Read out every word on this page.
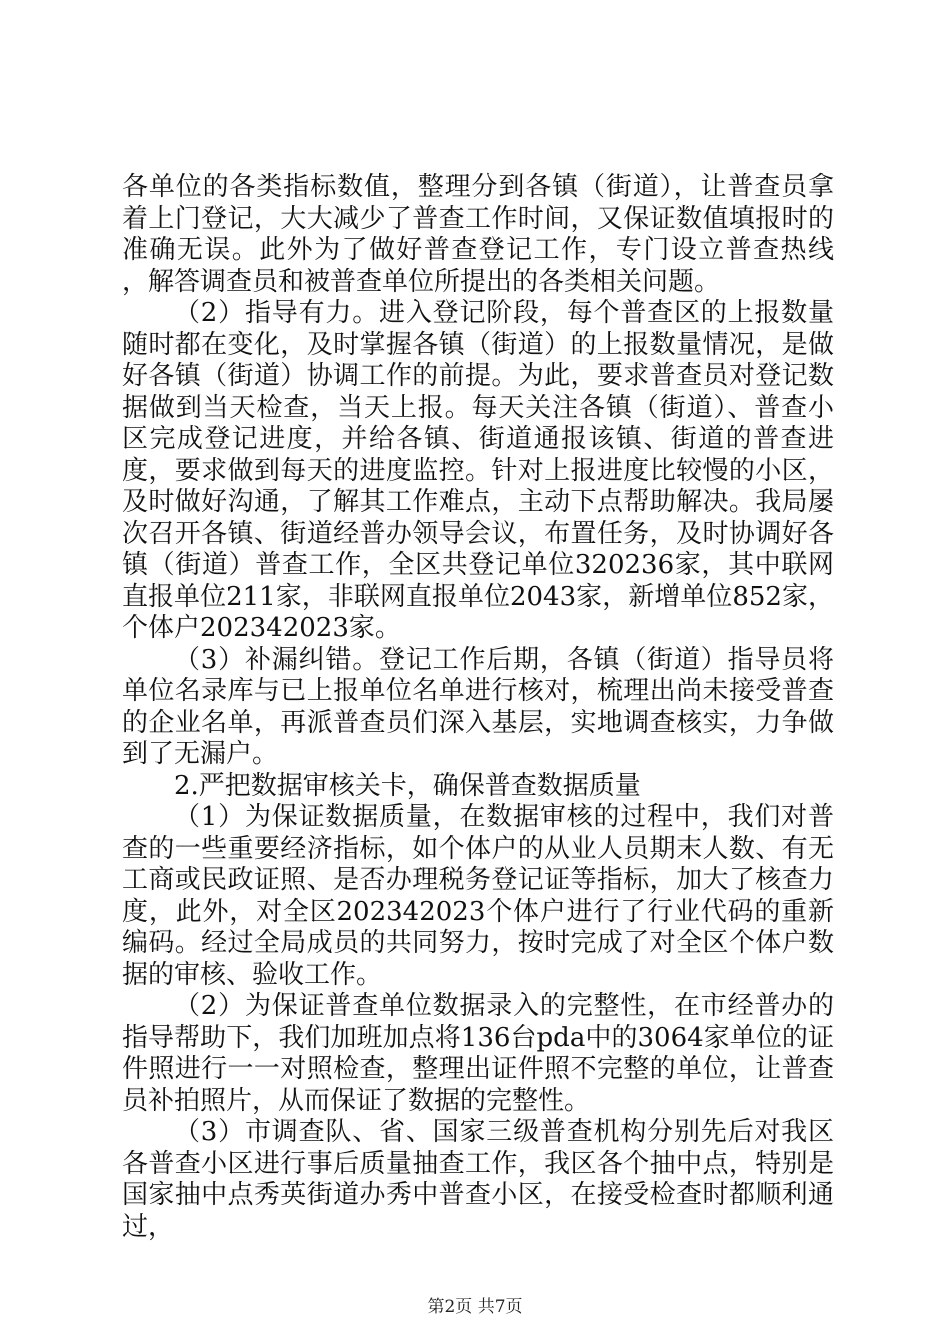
各单位的各类指标数值，整理分到各镇（街道），让普查员拿着上门登记，大大减少了普查工作时间，又保证数值填报时的准确无误。此外为了做好普查登记工作，专门设立普查热线　　，解答调查员和被普查单位所提出的各类相关问题。

（2）指导有力。进入登记阶段，每个普查区的上报数量随时都在变化，及时掌握各镇（街道）的上报数量情况，是做好各镇（街道）协调工作的前提。为此，要求普查员对登记数据做到当天检查，当天上报。每天关注各镇（街道）、普查小区完成登记进度，并给各镇、街道通报该镇、街道的普查进度，要求做到每天的进度监控。针对上报进度比较慢的小区，及时做好沟通，了解其工作难点，主动下点帮助解决。我局屡次召开各镇、街道经普办领导会议，布置任务，及时协调好各镇（街道）普查工作，全区共登记单位320236家，其中联网直报单位211家，非联网直报单位2043家，新增单位852家，个体户202342023家。

（3）补漏纠错。登记工作后期，各镇（街道）指导员将单位名录库与已上报单位名单进行核对，梳理出尚未接受普查的企业名单，再派普查员们深入基层，实地调查核实，力争做到了无漏户。

2.严把数据审核关卡，确保普查数据质量

（1）为保证数据质量，在数据审核的过程中，我们对普查的一些重要经济指标，如个体户的从业人员期末人数、有无工商或民政证照、是否办理税务登记证等指标，加大了核查力度，此外，对全区202342023个体户进行了行业代码的重新编码。经过全局成员的共同努力，按时完成了对全区个体户数据的审核、验收工作。

（2）为保证普查单位数据录入的完整性，在市经普办的指导帮助下，我们加班加点将136台pda中的3064家单位的证件照进行一一对照检查，整理出证件照不完整的单位，让普查员补拍照片，从而保证了数据的完整性。

（3）市调查队、省、国家三级普查机构分别先后对我区各普查小区进行事后质量抽查工作，我区各个抽中点，特别是国家抽中点秀英街道办秀中普查小区，在接受检查时都顺利通过，

第2页 共7页
